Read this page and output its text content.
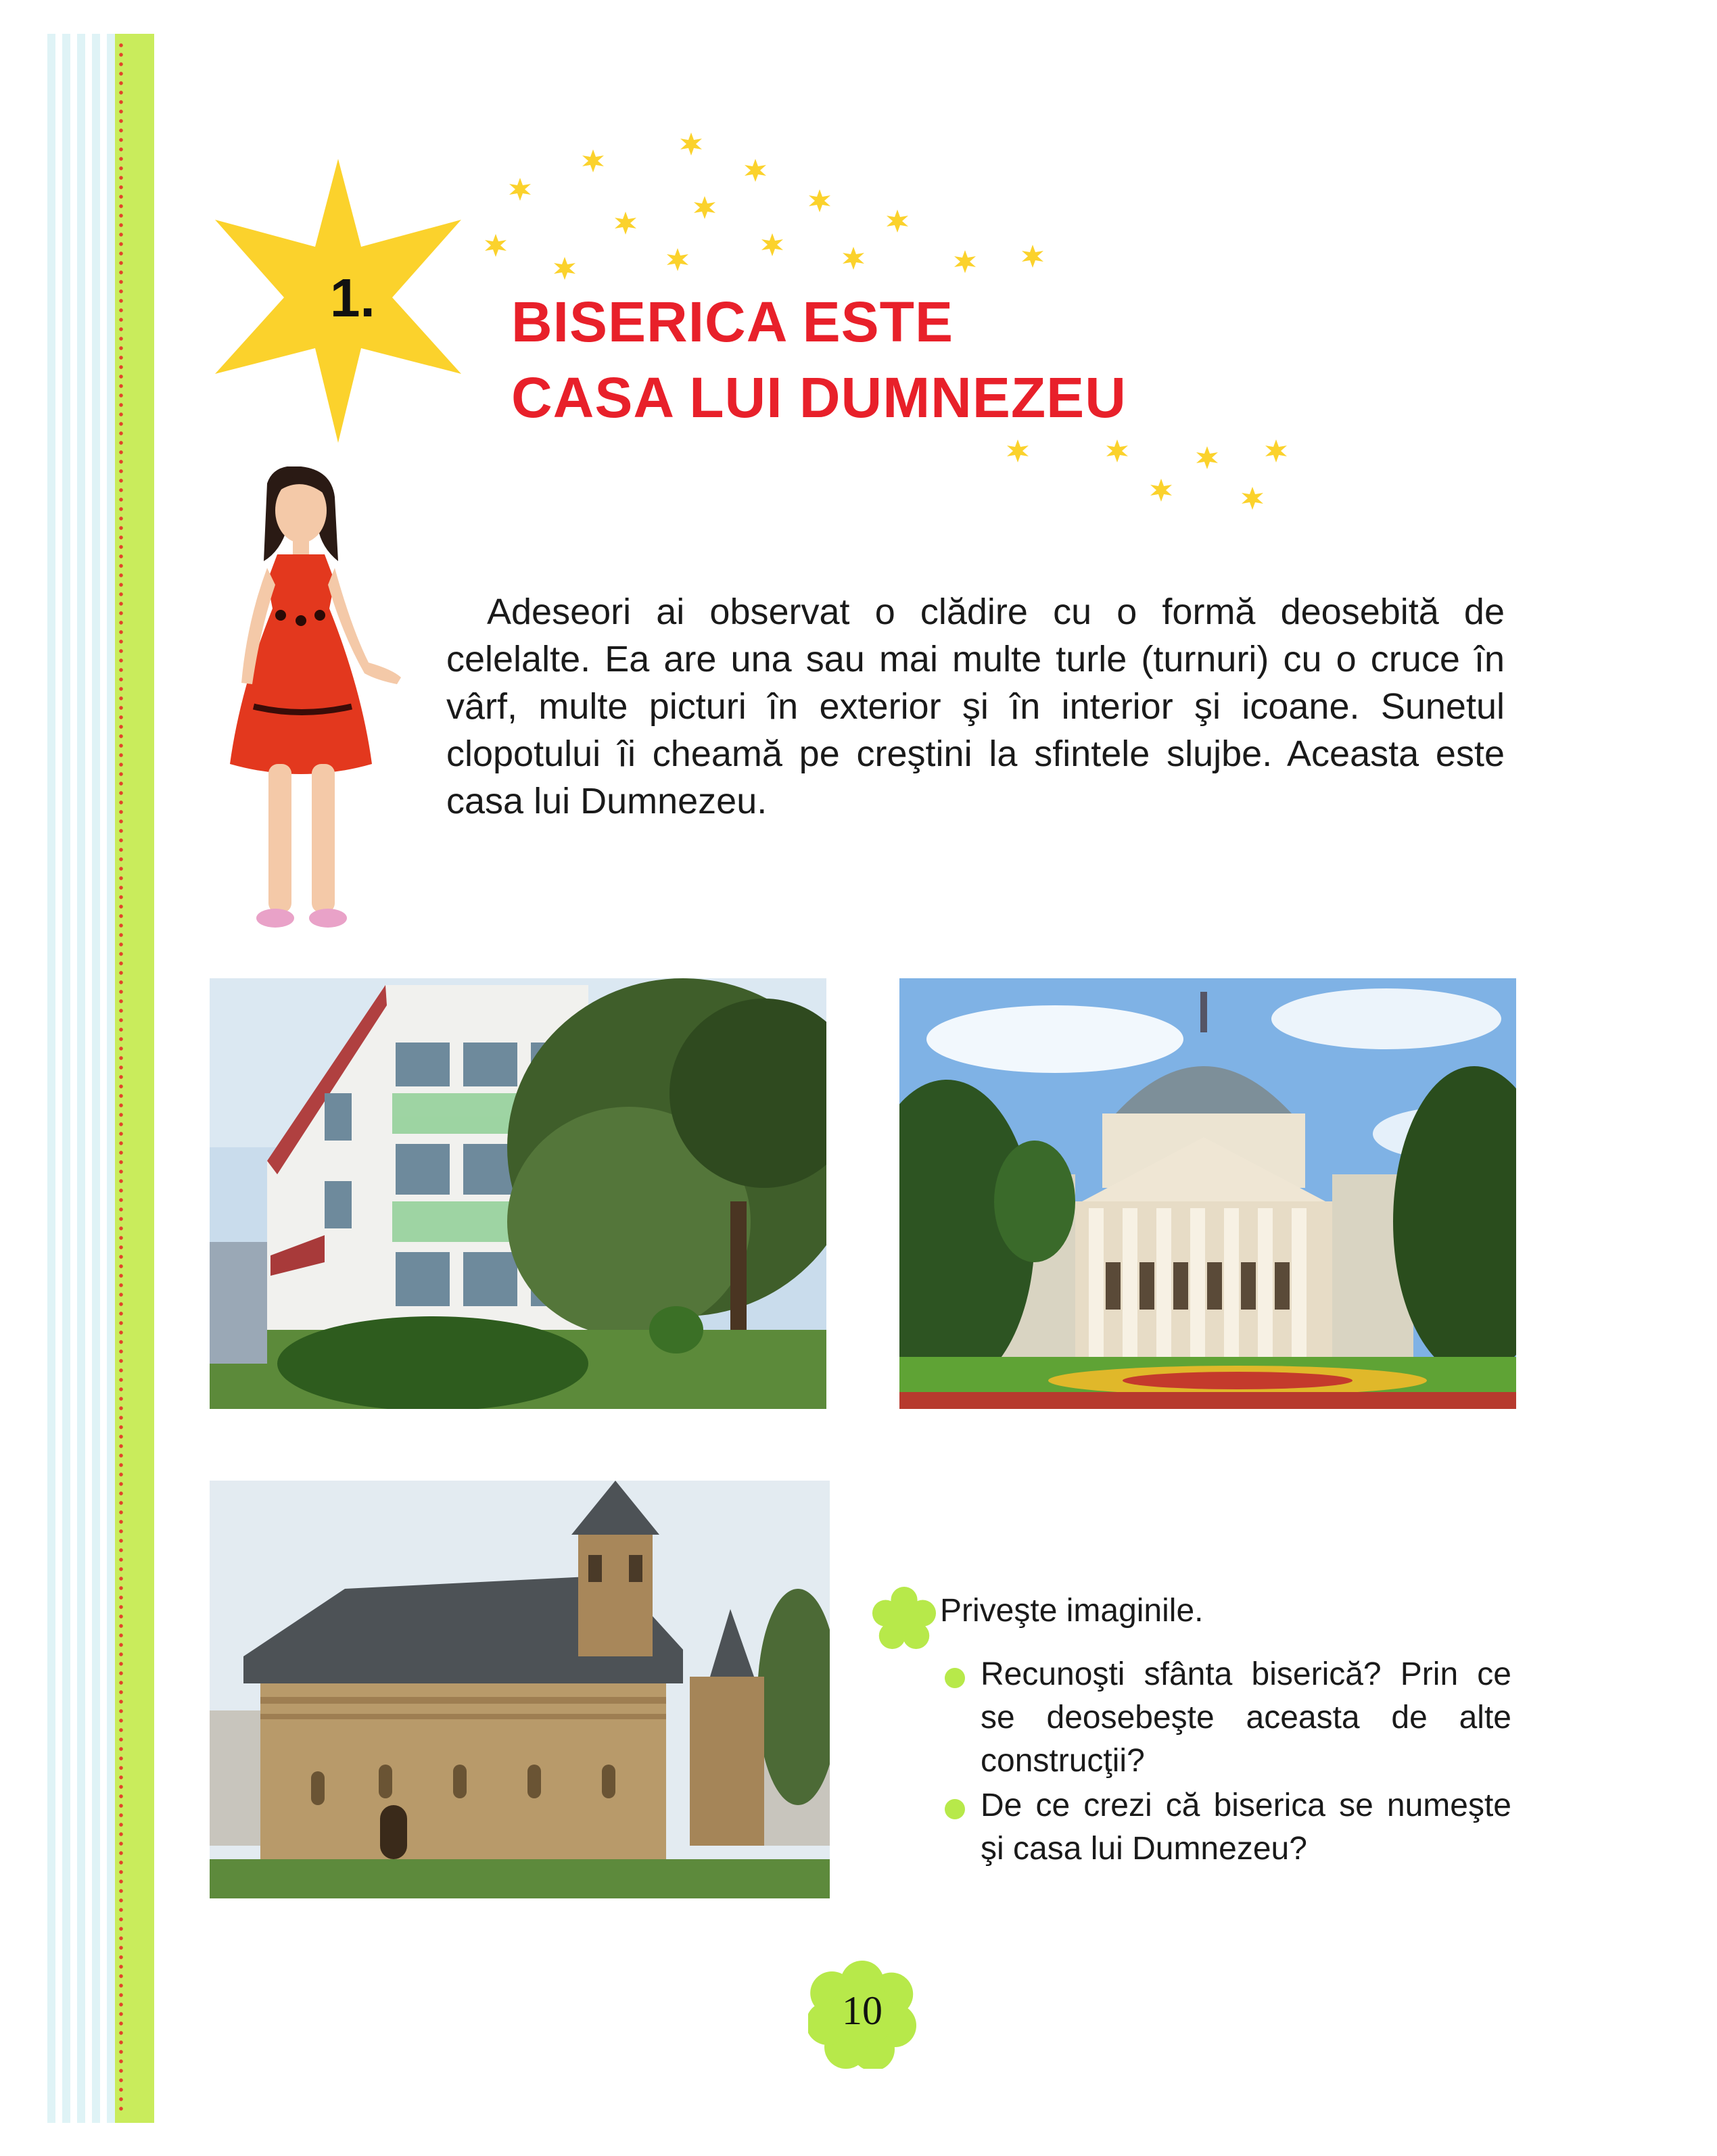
1. BISERICA ESTE
CASA LUI DUMNEZEU

Adeseori ai observat o clădire cu o formă deosebită de celelalte. Ea are una sau mai multe turle (turnuri) cu o cruce în vârf, multe picturi în exterior şi în interior şi icoane. Sunetul clopotului îi cheamă pe creştini la sfintele slujbe. Aceasta este casa lui Dumnezeu.

Priveşte imaginile.
Recunoşti sfânta biserică? Prin ce se deosebeşte aceasta de alte construcţii?
De ce crezi că biserica se numeşte şi casa lui Dumnezeu?
10
